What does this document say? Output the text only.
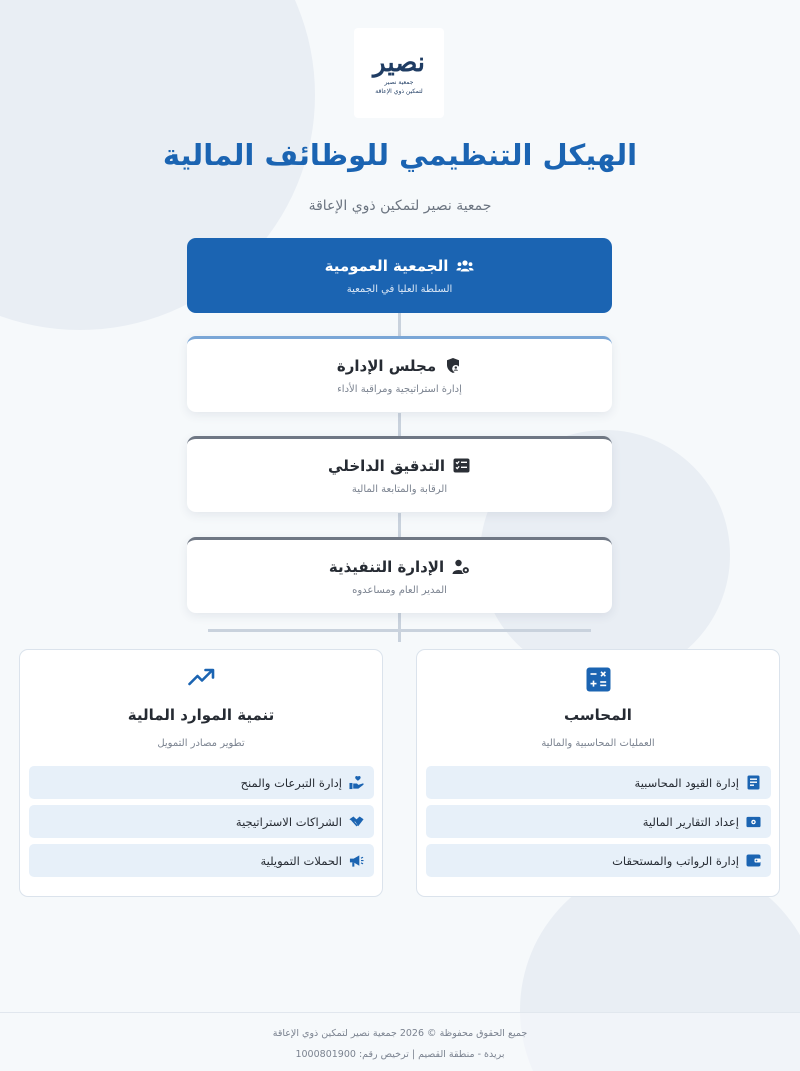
نصير
جمعية نصير
لتمكين ذوي الإعاقة
الهيكل التنظيمي للوظائف المالية
جمعية نصير لتمكين ذوي الإعاقة
الجمعية العمومية
السلطة العليا في الجمعية
مجلس الإدارة
إدارة استراتيجية ومراقبة الأداء
التدقيق الداخلي
الرقابة والمتابعة المالية
الإدارة التنفيذية
المدير العام ومساعدوه
المحاسب
العمليات المحاسبية والمالية
إدارة القيود المحاسبية
إعداد التقارير المالية
إدارة الرواتب والمستحقات
تنمية الموارد المالية
تطوير مصادر التمويل
إدارة التبرعات والمنح
الشراكات الاستراتيجية
الحملات التمويلية
جميع الحقوق محفوظة © 2026 جمعية نصير لتمكين ذوي الإعاقة
بريدة - منطقة القصيم | ترخيص رقم: 1000801900
